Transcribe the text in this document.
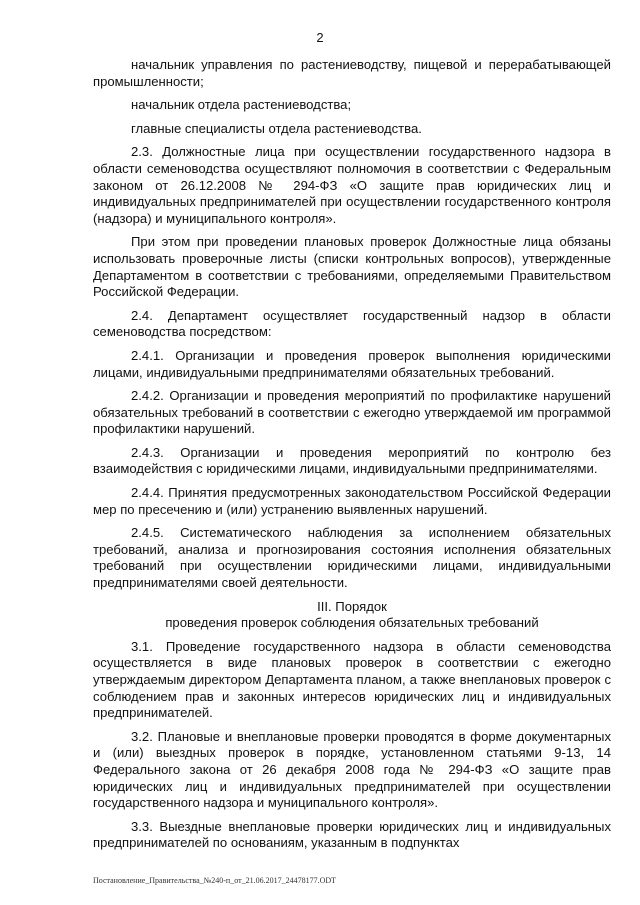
2

начальник управления по растениеводству, пищевой и перерабатывающей промышленности;

начальник отдела растениеводства;

главные специалисты отдела растениеводства.

2.3. Должностные лица при осуществлении государственного надзора в области семеноводства осуществляют полномочия в соответствии с Федеральным законом от 26.12.2008 № 294-ФЗ «О защите прав юридических лиц и индивидуальных предпринимателей при осуществлении государственного контроля (надзора) и муниципального контроля».

При этом при проведении плановых проверок Должностные лица обязаны использовать проверочные листы (списки контрольных вопросов), утвержденные Департаментом в соответствии с требованиями, определяемыми Правительством Российской Федерации.

2.4. Департамент осуществляет государственный надзор в области семеноводства посредством:

2.4.1. Организации и проведения проверок выполнения юридическими лицами, индивидуальными предпринимателями обязательных требований.

2.4.2. Организации и проведения мероприятий по профилактике нарушений обязательных требований в соответствии с ежегодно утверждаемой им программой профилактики нарушений.

2.4.3. Организации и проведения мероприятий по контролю без взаимодействия с юридическими лицами, индивидуальными предпринимателями.

2.4.4. Принятия предусмотренных законодательством Российской Федерации мер по пресечению и (или) устранению выявленных нарушений.

2.4.5. Систематического наблюдения за исполнением обязательных требований, анализа и прогнозирования состояния исполнения обязательных требований при осуществлении юридическими лицами, индивидуальными предпринимателями своей деятельности.

III. Порядок

проведения проверок соблюдения обязательных требований

3.1. Проведение государственного надзора в области семеноводства осуществляется в виде плановых проверок в соответствии с ежегодно утверждаемым директором Департамента планом, а также внеплановых проверок с соблюдением прав и законных интересов юридических лиц и индивидуальных предпринимателей.

3.2. Плановые и внеплановые проверки проводятся в форме документарных и (или) выездных проверок в порядке, установленном статьями 9-13, 14 Федерального закона от 26 декабря 2008 года № 294-ФЗ «О защите прав юридических лиц и индивидуальных предпринимателей при осуществлении государственного надзора и муниципального контроля».

3.3. Выездные внеплановые проверки юридических лиц и индивидуальных предпринимателей по основаниям, указанным в подпунктах

Постановление_Правительства_№240-п_от_21.06.2017_24478177.ODT
